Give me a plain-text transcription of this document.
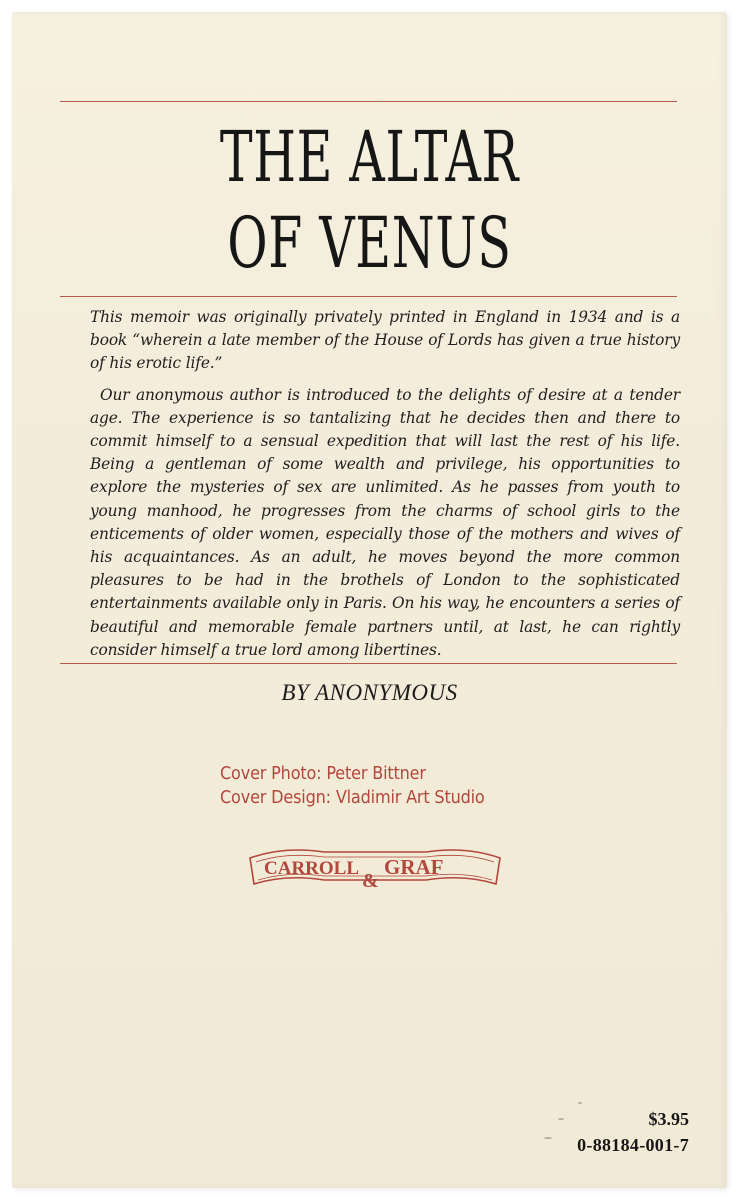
THE ALTAR
OF VENUS

This memoir was originally privately printed in England in 1934 and is a book “wherein a late member of the House of Lords has given a true history of his erotic life.”

Our anonymous author is introduced to the delights of desire at a tender age. The experience is so tantalizing that he decides then and there to commit himself to a sensual expedition that will last the rest of his life. Being a gentleman of some wealth and privilege, his opportunities to explore the mysteries of sex are unlimited. As he passes from youth to young manhood, he progresses from the charms of school girls to the enticements of older women, especially those of the mothers and wives of his acquaintances. As an adult, he moves beyond the more common pleasures to be had in the brothels of London to the sophisticated entertainments available only in Paris. On his way, he encounters a series of beautiful and memorable female partners until, at last, he can rightly consider himself a true lord among libertines.

BY ANONYMOUS
Cover Photo: Peter Bittner
Cover Design: Vladimir Art Studio
CARROLL
&
GRAF
$3.95
0-88184-001-7
